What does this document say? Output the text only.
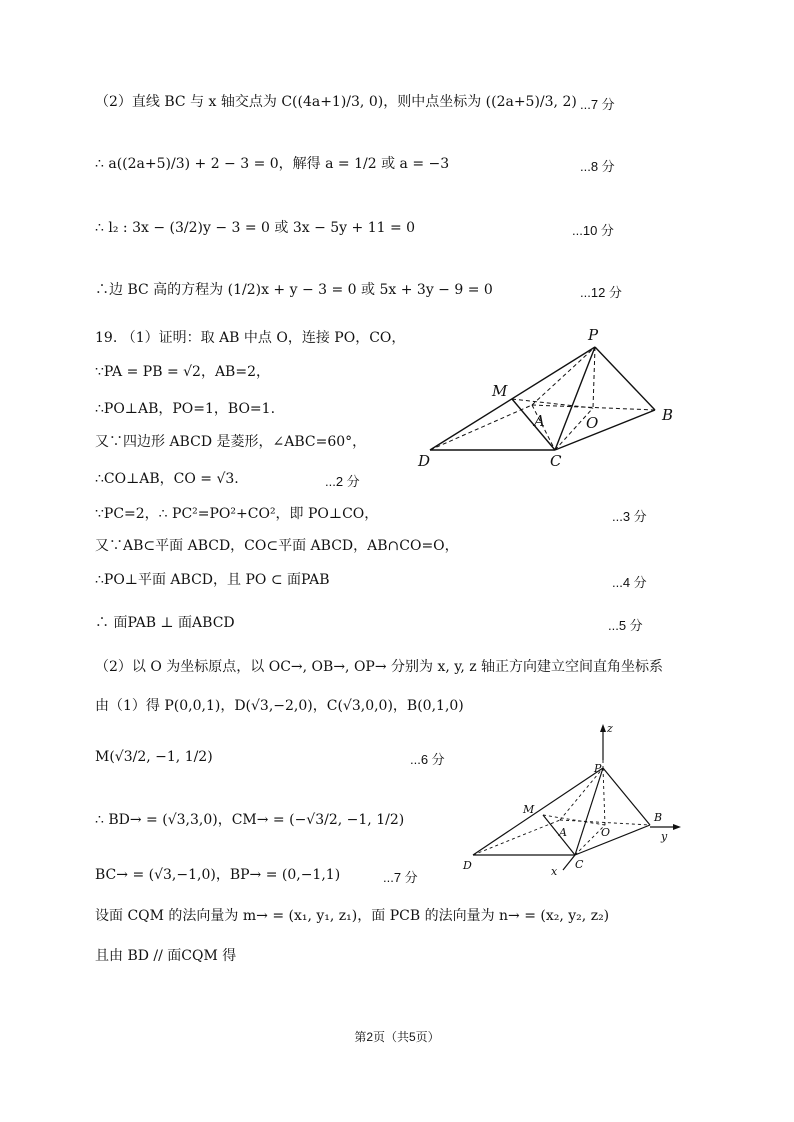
（2）直线 BC 与 x 轴交点为 C((4a+1)/3, 0)，则中点坐标为 ((2a+5)/3, 2) ...7 分
∴ a((2a+5)/3) + 2 − 3 = 0，解得 a = 1/2 或 a = −3	...8 分
∴ l₂ : 3x − (3/2)y − 3 = 0 或 3x − 5y + 11 = 0	...10 分
∴边 BC 高的方程为 (1/2)x + y − 3 = 0 或 5x + 3y − 9 = 0	...12 分
19. （1）证明：取 AB 中点 O，连接 PO，CO，
∵PA = PB = √2，AB=2，
∴PO⊥AB，PO=1，BO=1.
又∵四边形 ABCD 是菱形，∠ABC=60°，
∴CO⊥AB，CO = √3.	...2 分
∵PC=2，∴ PC²=PO²+CO²，即 PO⊥CO，	...3 分
又∵AB⊂平面 ABCD，CO⊂平面 ABCD，AB∩CO=O，
∴PO⊥平面 ABCD，且 PO ⊂ 面PAB	...4 分
∴ 面PAB ⊥ 面ABCD	...5 分
（2）以 O 为坐标原点，以 OC→, OB→, OP→ 分别为 x, y, z 轴正方向建立空间直角坐标系
由（1）得 P(0,0,1)，D(√3,−2,0)，C(√3,0,0)，B(0,1,0)
M(√3/2, −1, 1/2)	...6 分
∴ BD→ = (√3,3,0)，CM→ = (−√3/2, −1, 1/2)
BC→ = (√3,−1,0)，BP→ = (0,−1,1)	...7 分
设面 CQM 的法向量为 m→ = (x₁, y₁, z₁)，面 PCB 的法向量为 n→ = (x₂, y₂, z₂)
且由 BD // 面CQM 得
P
M
A	O	B
D	C
z
P
M
A	O
B
y
D	C
x
第2页（共5页）
